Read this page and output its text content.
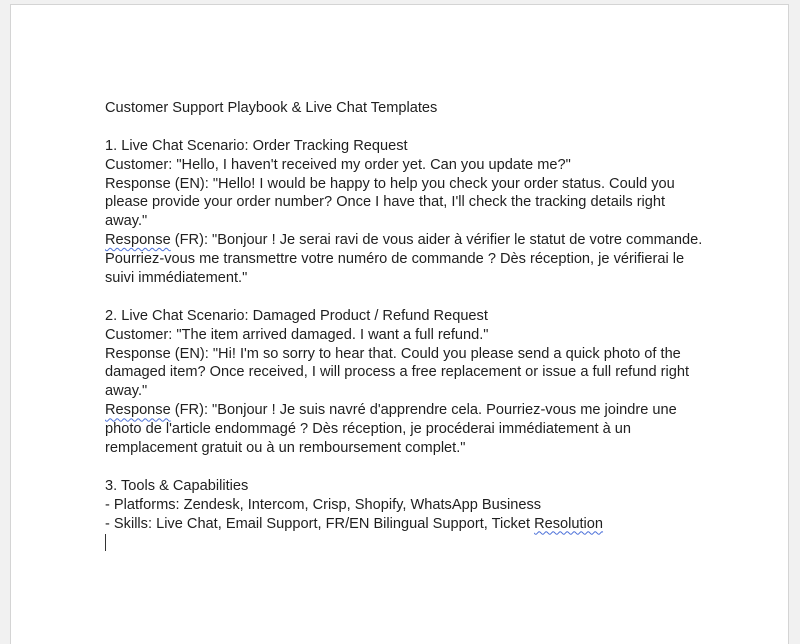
Customer Support Playbook & Live Chat Templates
1. Live Chat Scenario: Order Tracking Request
Customer: "Hello, I haven't received my order yet. Can you update me?"
Response (EN): "Hello! I would be happy to help you check your order status. Could you
please provide your order number? Once I have that, I'll check the tracking details right
away."
Response (FR): "Bonjour ! Je serai ravi de vous aider à vérifier le statut de votre commande.
Pourriez-vous me transmettre votre numéro de commande ? Dès réception, je vérifierai le
suivi immédiatement."
2. Live Chat Scenario: Damaged Product / Refund Request
Customer: "The item arrived damaged. I want a full refund."
Response (EN): "Hi! I'm so sorry to hear that. Could you please send a quick photo of the
damaged item? Once received, I will process a free replacement or issue a full refund right
away."
Response (FR): "Bonjour ! Je suis navré d'apprendre cela. Pourriez-vous me joindre une
photo de l'article endommagé ? Dès réception, je procéderai immédiatement à un
remplacement gratuit ou à un remboursement complet."
3. Tools & Capabilities
- Platforms: Zendesk, Intercom, Crisp, Shopify, WhatsApp Business
- Skills: Live Chat, Email Support, FR/EN Bilingual Support, Ticket Resolution
